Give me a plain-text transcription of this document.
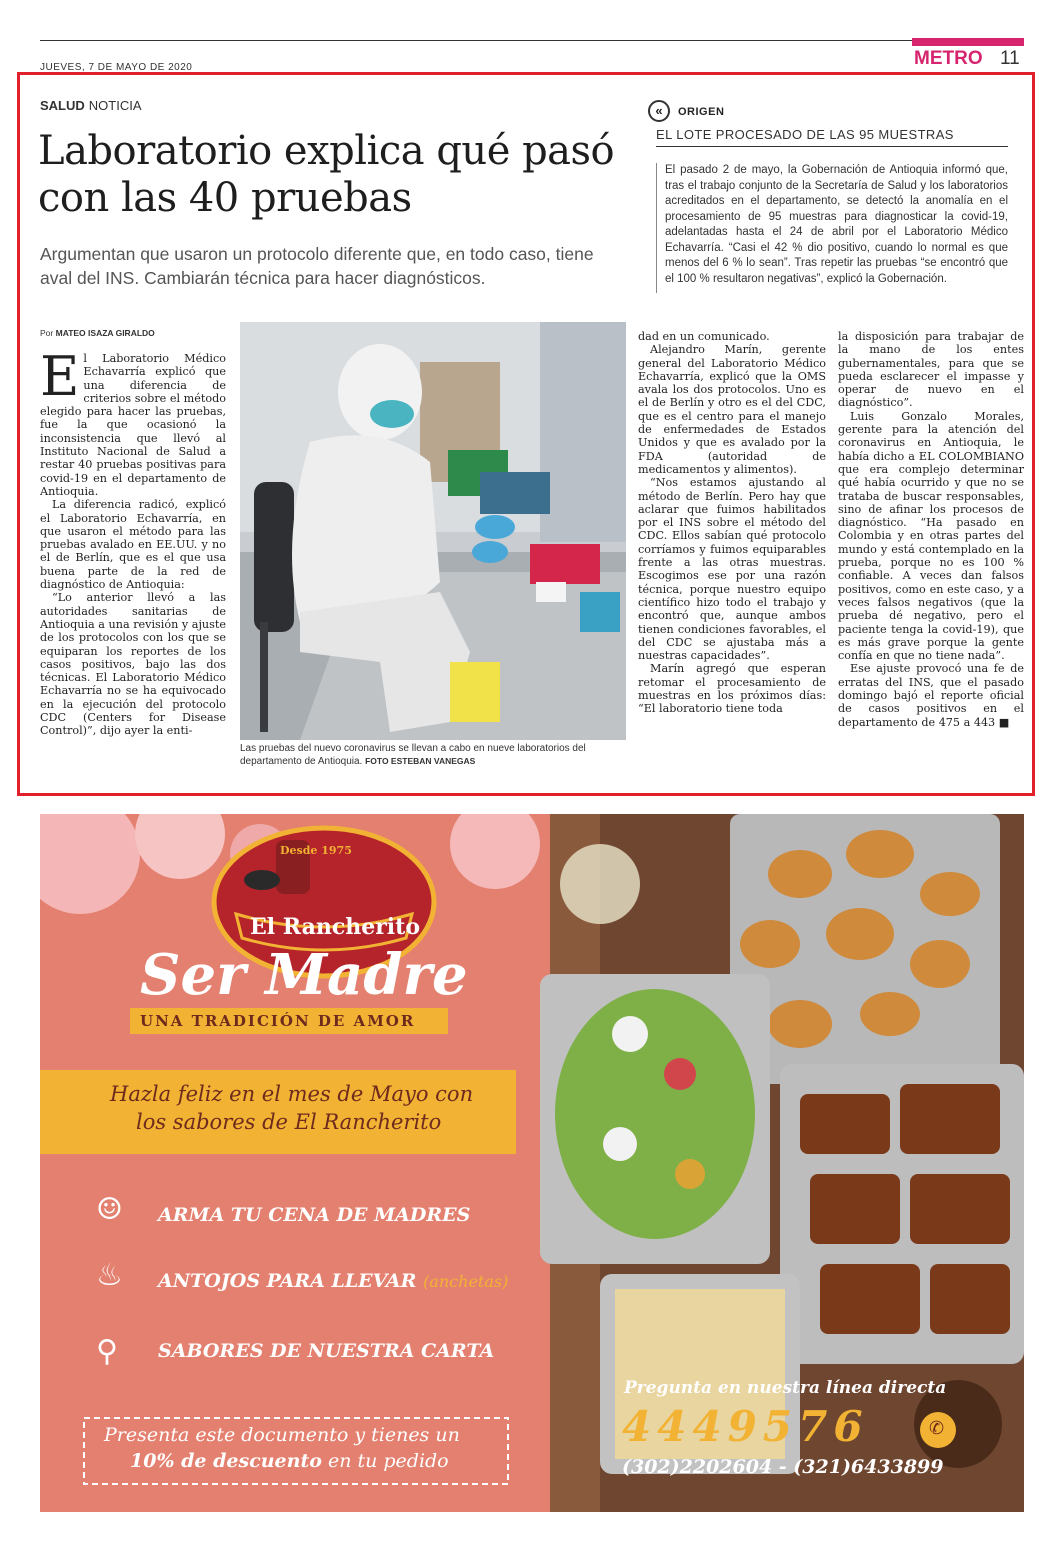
JUEVES, 7 DE MAYO DE 2020	METRO 11
SALUD NOTICIA
Laboratorio explica qué pasó con las 40 pruebas
Argumentan que usaron un protocolo diferente que, en todo caso, tiene aval del INS. Cambiarán técnica para hacer diagnósticos.
«	ORIGEN
EL LOTE PROCESADO DE LAS 95 MUESTRAS
El pasado 2 de mayo, la Gobernación de Antioquia informó que, tras el trabajo conjunto de la Secretaría de Salud y los laboratorios acreditados en el departamento, se detectó la anomalía en el procesamiento de 95 muestras para diagnosticar la covid-19, adelantadas hasta el 24 de abril por el Laboratorio Médico Echavarría. “Casi el 42 % dio positivo, cuando lo normal es que menos del 6 % lo sean”. Tras repetir las pruebas “se encontró que el 100 % resultaron negativas”, explicó la Gobernación.
Por MATEO ISAZA GIRALDO

El Laboratorio Médico Echavarría explicó que una diferencia de criterios sobre el método elegido para hacer las pruebas, fue la que ocasionó la inconsistencia que llevó al Instituto Nacional de Salud a restar 40 pruebas positivas para covid-19 en el departamento de Antioquia.

La diferencia radicó, explicó el Laboratorio Echavarría, en que usaron el método para las pruebas avalado en EE.UU. y no el de Berlín, que es el que usa buena parte de la red de diagnóstico de Antioquia:

“Lo anterior llevó a las autoridades sanitarias de Antioquia a una revisión y ajuste de los protocolos con los que se equiparan los reportes de los casos positivos, bajo las dos técnicas. El Laboratorio Médico Echavarría no se ha equivocado en la ejecución del protocolo CDC (Centers for Disease Control)”, dijo ayer la enti-

Las pruebas del nuevo coronavirus se llevan a cabo en nueve laboratorios del departamento de Antioquia. FOTO ESTEBAN VANEGAS

dad en un comunicado.

Alejandro Marín, gerente general del Laboratorio Médico Echavarría, explicó que la OMS avala los dos protocolos. Uno es el de Berlín y otro es el del CDC, que es el centro para el manejo de enfermedades de Estados Unidos y que es avalado por la FDA (autoridad de medicamentos y alimentos).

“Nos estamos ajustando al método de Berlín. Pero hay que aclarar que fuimos habilitados por el INS sobre el método del CDC. Ellos sabían qué protocolo corríamos y fuimos equiparables frente a las otras muestras. Escogimos ese por una razón técnica, porque nuestro equipo científico hizo todo el trabajo y encontró que, aunque ambos tienen condiciones favorables, el del CDC se ajustaba más a nuestras capacidades”.

Marín agregó que esperan retomar el procesamiento de muestras en los próximos días: “El laboratorio tiene toda

la disposición para trabajar de la mano de los entes gubernamentales, para que se pueda esclarecer el impasse y operar de nuevo en el diagnóstico”.

Luis Gonzalo Morales, gerente para la atención del coronavirus en Antioquia, le había dicho a EL COLOMBIANO que era complejo determinar qué había ocurrido y que no se trataba de buscar responsables, sino de afinar los procesos de diagnóstico. “Ha pasado en Colombia y en otras partes del mundo y está contemplado en la prueba, porque no es 100 % confiable. A veces dan falsos positivos, como en este caso, y a veces falsos negativos (que la prueba dé negativo, pero el paciente tenga la covid-19), que es más grave porque la gente confía en que no tiene nada”.

Ese ajuste provocó una fe de erratas del INS, que el pasado domingo bajó el reporte oficial de casos positivos en el departamento de 475 a 443 ■

Desde 1975
El Rancherito
Ser Madre
UNA TRADICIÓN DE AMOR
Hazla feliz en el mes de Mayo con
los sabores de El Rancherito
☺ ARMA TU CENA DE MADRES
♨ ANTOJOS PARA LLEVAR (anchetas)
⚲ SABORES DE NUESTRA CARTA
Presenta este documento y tienes un
10% de descuento en tu pedido
Pregunta en nuestra línea directa
4449576	✆
(302)2202604 - (321)6433899
